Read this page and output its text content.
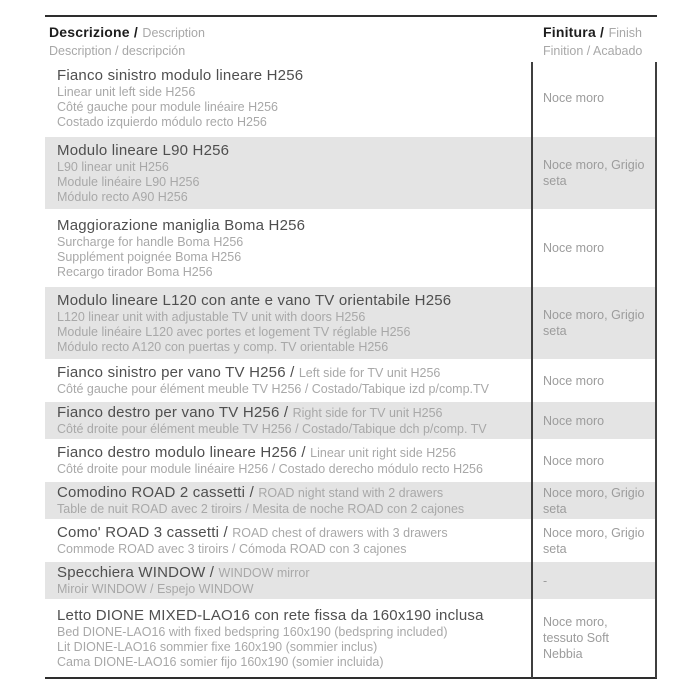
Descrizione / Description
Description / descripción
Finitura / Finish
Finition / Acabado
Fianco sinistro modulo lineare H256
Linear unit left side H256
Côté gauche pour module linéaire H256
Costado izquierdo módulo recto H256
Noce moro
Modulo lineare L90 H256
L90 linear unit H256
Module linéaire L90 H256
Módulo recto A90 H256
Noce moro, Grigio seta
Maggiorazione maniglia Boma H256
Surcharge for handle Boma H256
Supplément poignée Boma H256
Recargo tirador Boma H256
Noce moro
Modulo lineare L120 con ante e vano TV orientabile H256
L120 linear unit with adjustable TV unit with doors H256
Module linéaire L120 avec portes et logement TV réglable H256
Módulo recto A120 con puertas y comp. TV orientable H256
Noce moro, Grigio seta
Fianco sinistro per vano TV H256 / Left side for TV unit H256
Côté gauche pour élément meuble TV H256 / Costado/Tabique izd p/comp.TV
Noce moro
Fianco destro per vano TV H256 / Right side for TV unit H256
Côté droite pour élément meuble TV H256 / Costado/Tabique dch p/comp. TV
Noce moro
Fianco destro modulo lineare H256 / Linear unit right side H256
Côté droite pour module linéaire H256 / Costado derecho módulo recto H256
Noce moro
Comodino ROAD 2 cassetti / ROAD night stand with 2 drawers
Table de nuit ROAD avec 2 tiroirs / Mesita de noche ROAD con 2 cajones
Noce moro, Grigio seta
Como' ROAD 3 cassetti / ROAD chest of drawers with 3 drawers
Commode ROAD avec 3 tiroirs / Cómoda ROAD con 3 cajones
Noce moro, Grigio seta
Specchiera WINDOW / WINDOW mirror
Miroir WINDOW / Espejo WINDOW
-
Letto DIONE MIXED-LAO16 con rete fissa da 160x190 inclusa
Bed DIONE-LAO16 with fixed bedspring 160x190 (bedspring included)
Lit DIONE-LAO16 sommier fixe 160x190 (sommier inclus)
Cama DIONE-LAO16 somier fijo 160x190 (somier incluida)
Noce moro, tessuto Soft Nebbia
